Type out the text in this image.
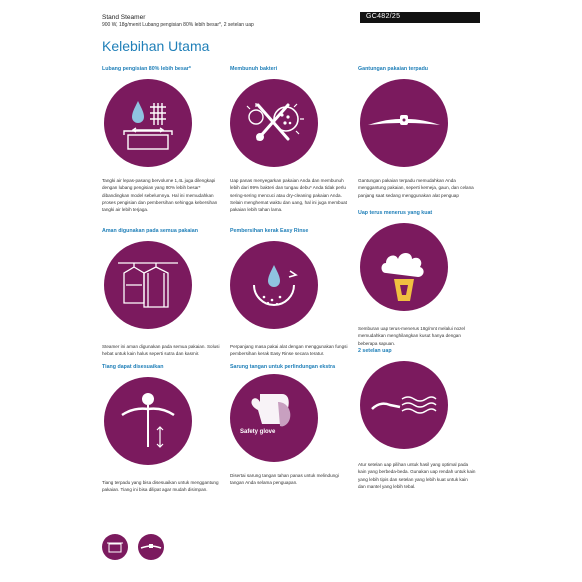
Stand Steamer
900 W, 18g/menit Lubang pengisian 80% lebih besar*, 2 setelan uap
GC482/25
Kelebihan Utama
Lubang pengisian 80% lebih besar*
Tangki air lepas-pasang bervolume 1,4L juga dilengkapi dengan lubang pengisian yang 80% lebih besar* dibandingkan model sebelumnya. Hal ini memudahkan proses pengisian dan pembersihan sehingga kebersihan tangki air lebih terjaga.
Membunuh bakteri
Uap panas menyegarkan pakaian Anda dan membunuh lebih dari 99% bakteri dan tungau debu* Anda tidak perlu sering-sering mencuci atau dry-cleaning pakaian Anda. Selain menghemat waktu dan uang, hal ini juga membuat pakaian lebih tahan lama.
Gantungan pakaian terpadu
Gantungan pakaian terpadu memudahkan Anda menggantung pakaian, seperti kemeja, gaun, dan celana panjang saat sedang menggunakan alat penguap
Aman digunakan pada semua pakaian
Steamer ini aman digunakan pada semua pakaian. Solusi hebat untuk kain halus seperti sutra dan kasmir.
Pembersihan kerak Easy Rinse
Perpanjang masa pakai alat dengan menggunakan fungsi pembersihan kerak Easy Rinse secara teratur.
Uap terus menerus yang kuat
Semburan uap terus-menerus 18g/mnt melalui nozel memudahkan menghilangkan kusut hanya dengan beberapa sapuan.
Tiang dapat disesuaikan
Tiang terpadu yang bisa disesuaikan untuk menggantung pakaian. Tiang ini bisa dilipat agar mudah disimpan.
Sarung tangan untuk perlindungan ekstra
Safety glove
Disertai sarung tangan tahan panas untuk melindungi tangan Anda selama penguapan.
2 setelan uap
Atur setelan uap pilihan untuk hasil yang optimal pada kain yang berbeda-beda. Gunakan uap rendah untuk kain yang lebih tipis dan setelan yang lebih kuat untuk kain dan mantel yang lebih tebal.
